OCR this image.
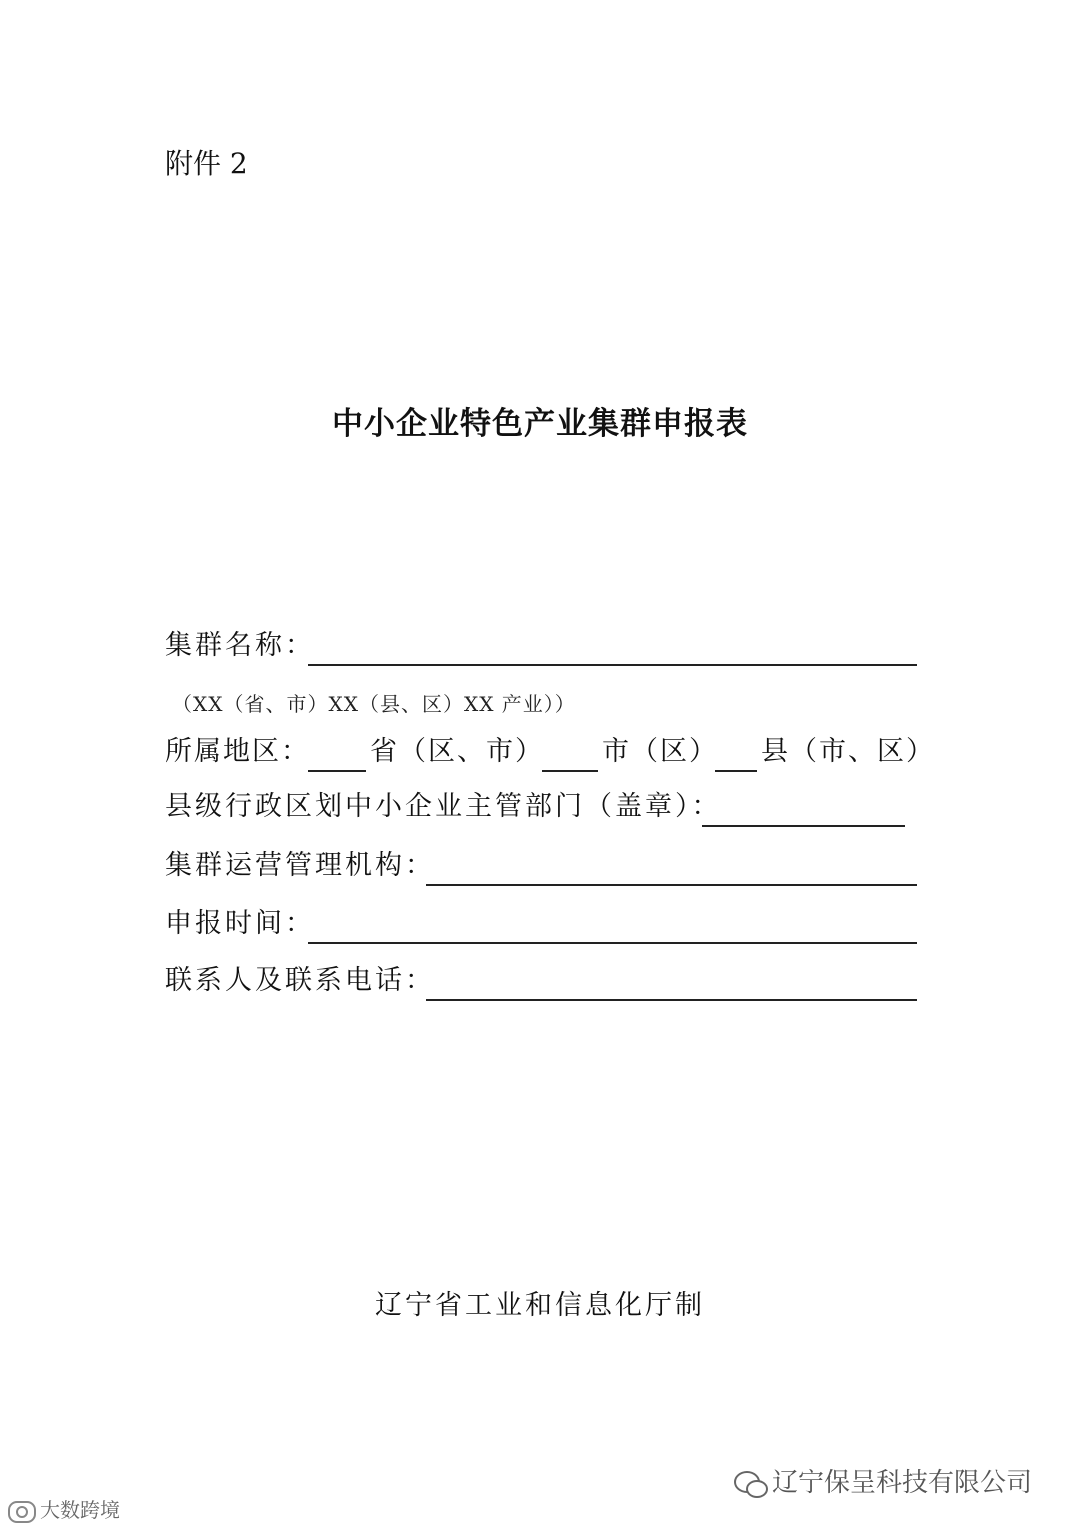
附件 2
中小企业特色产业集群申报表
集群名称：
（XX（省、市）XX（县、区）XX 产业））
所属地区： 省（区、市） 市（区） 县（市、区）
县级行政区划中小企业主管部门（盖章）：
集群运营管理机构：
申报时间：
联系人及联系电话：
辽宁省工业和信息化厅制
辽宁保呈科技有限公司
大数跨境
